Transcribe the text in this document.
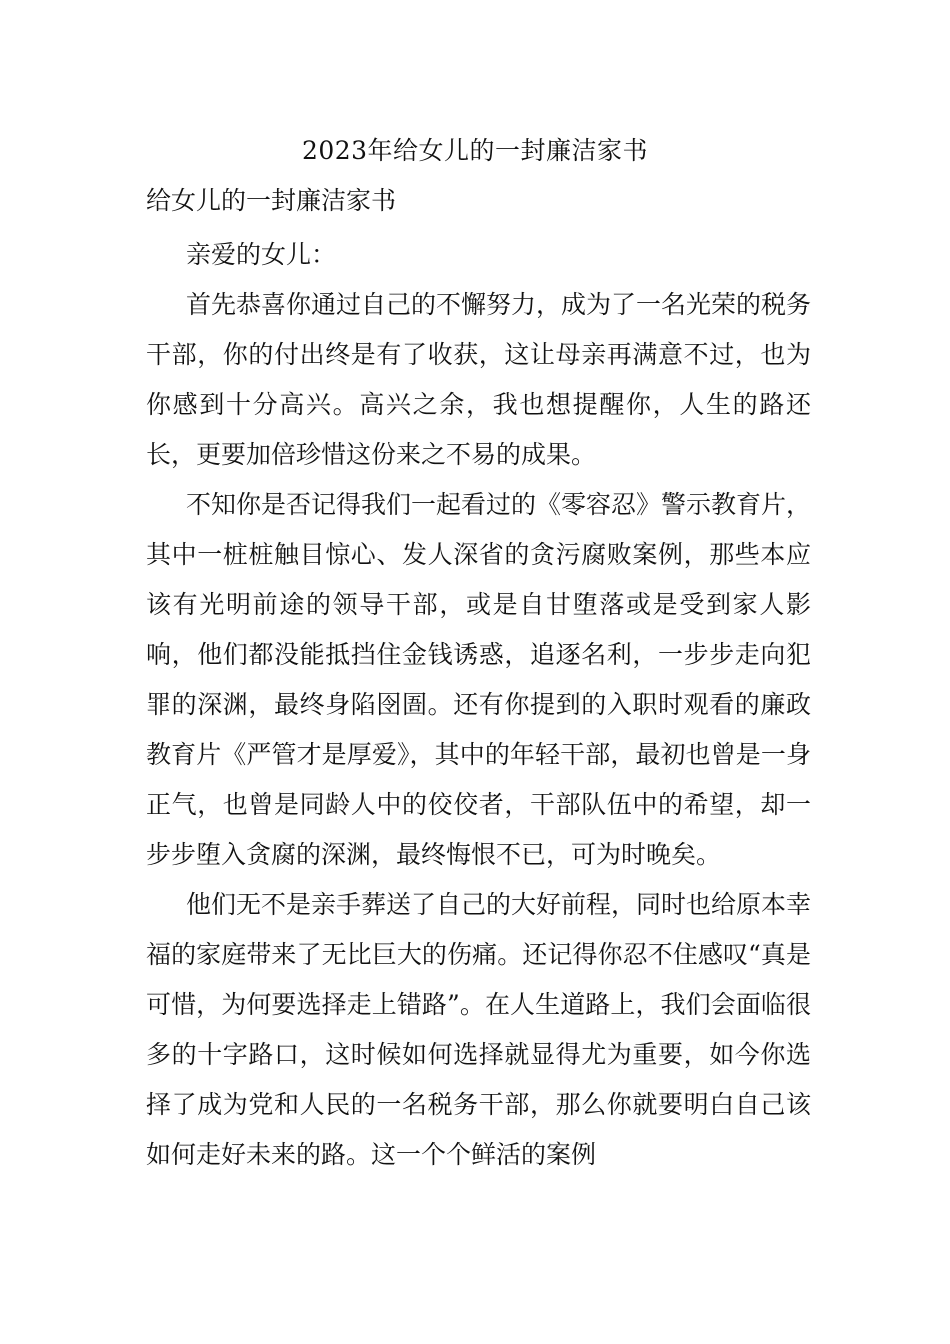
2023年给女儿的一封廉洁家书
给女儿的一封廉洁家书

亲爱的女儿：

首先恭喜你通过自己的不懈努力，成为了一名光荣的税务干部，你的付出终是有了收获，这让母亲再满意不过，也为你感到十分高兴。高兴之余，我也想提醒你，人生的路还长，更要加倍珍惜这份来之不易的成果。

不知你是否记得我们一起看过的《零容忍》警示教育片，其中一桩桩触目惊心、发人深省的贪污腐败案例，那些本应该有光明前途的领导干部，或是自甘堕落或是受到家人影响，他们都没能抵挡住金钱诱惑，追逐名利，一步步走向犯罪的深渊，最终身陷囹圄。还有你提到的入职时观看的廉政教育片《严管才是厚爱》，其中的年轻干部，最初也曾是一身正气，也曾是同龄人中的佼佼者，干部队伍中的希望，却一步步堕入贪腐的深渊，最终悔恨不已，可为时晚矣。

他们无不是亲手葬送了自己的大好前程，同时也给原本幸福的家庭带来了无比巨大的伤痛。还记得你忍不住感叹“真是可惜，为何要选择走上错路”。在人生道路上，我们会面临很多的十字路口，这时候如何选择就显得尤为重要，如今你选择了成为党和人民的一名税务干部，那么你就要明白自己该如何走好未来的路。这一个个鲜活的案例
